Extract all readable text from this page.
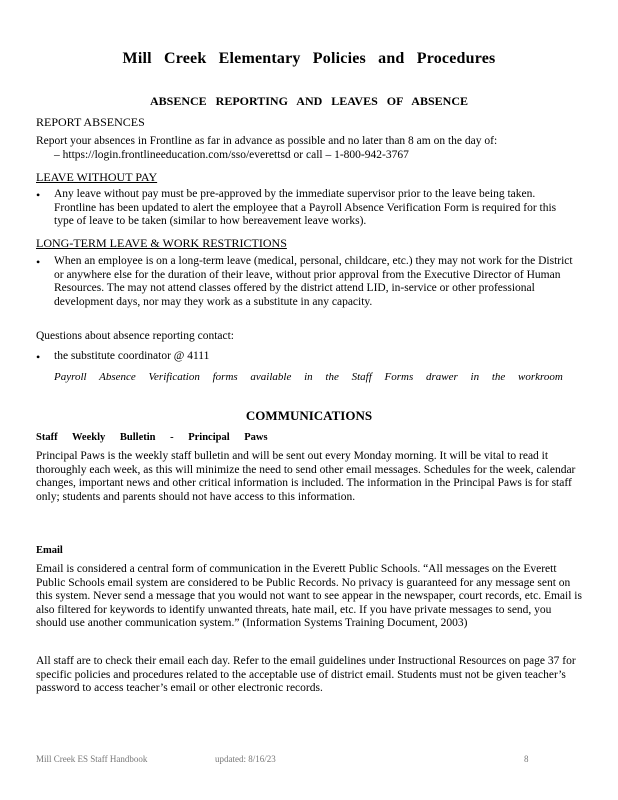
Mill Creek Elementary Policies and Procedures
ABSENCE REPORTING AND LEAVES OF ABSENCE
REPORT ABSENCES
Report your absences in Frontline as far in advance as possible and no later than 8 am on the day of:
– https://login.frontlineeducation.com/sso/everettsd or call – 1-800-942-3767
LEAVE WITHOUT PAY
• Any leave without pay must be pre-approved by the immediate supervisor prior to the leave being taken. Frontline has been updated to alert the employee that a Payroll Absence Verification Form is required for this type of leave to be taken (similar to how bereavement leave works).
LONG-TERM LEAVE & WORK RESTRICTIONS
• When an employee is on a long-term leave (medical, personal, childcare, etc.) they may not work for the District or anywhere else for the duration of their leave, without prior approval from the Executive Director of Human Resources. The may not attend classes offered by the district attend LID, in-service or other professional development days, nor may they work as a substitute in any capacity.
Questions about absence reporting contact:
• the substitute coordinator @ 4111
Payroll Absence Verification forms available in the Staff Forms drawer in the workroom
COMMUNICATIONS
Staff Weekly Bulletin - Principal Paws
Principal Paws is the weekly staff bulletin and will be sent out every Monday morning. It will be vital to read it thoroughly each week, as this will minimize the need to send other email messages. Schedules for the week, calendar changes, important news and other critical information is included. The information in the Principal Paws is for staff only; students and parents should not have access to this information.
Email
Email is considered a central form of communication in the Everett Public Schools. “All messages on the Everett Public Schools email system are considered to be Public Records. No privacy is guaranteed for any message sent on this system. Never send a message that you would not want to see appear in the newspaper, court records, etc. Email is also filtered for keywords to identify unwanted threats, hate mail, etc. If you have private messages to send, you should use another communication system.” (Information Systems Training Document, 2003)
All staff are to check their email each day. Refer to the email guidelines under Instructional Resources on page 37 for specific policies and procedures related to the acceptable use of district email. Students must not be given teacher’s password to access teacher’s email or other electronic records.
Mill Creek ES Staff Handbook	updated: 8/16/23	8
